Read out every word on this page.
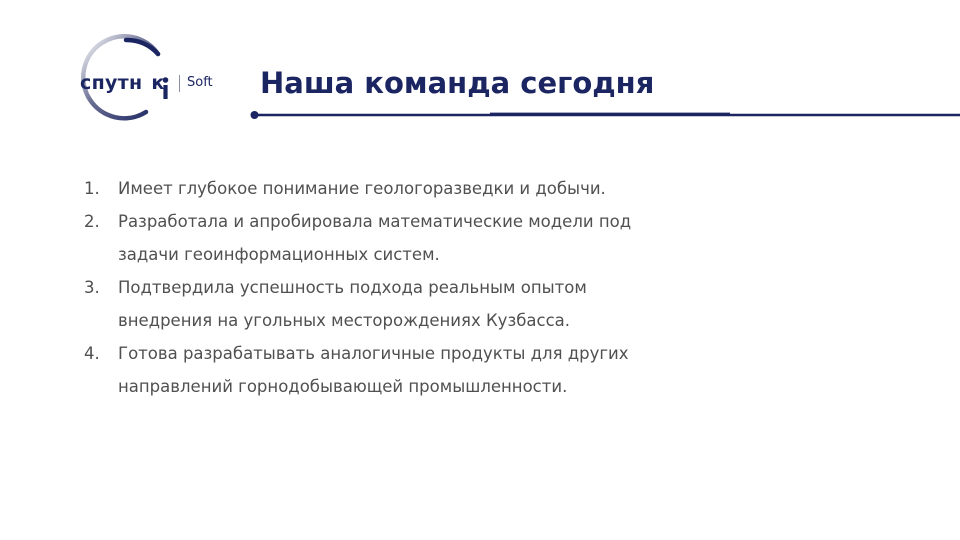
спутн к Soft Наша команда сегодня
1. Имеет глубокое понимание геологоразведки и добычи.
2. Разработала и апробировала математические модели под
задачи геоинформационных систем.
3. Подтвердила успешность подхода реальным опытом
внедрения на угольных месторождениях Кузбасса.
4. Готова разрабатывать аналогичные продукты для других
направлений горнодобывающей промышленности.
